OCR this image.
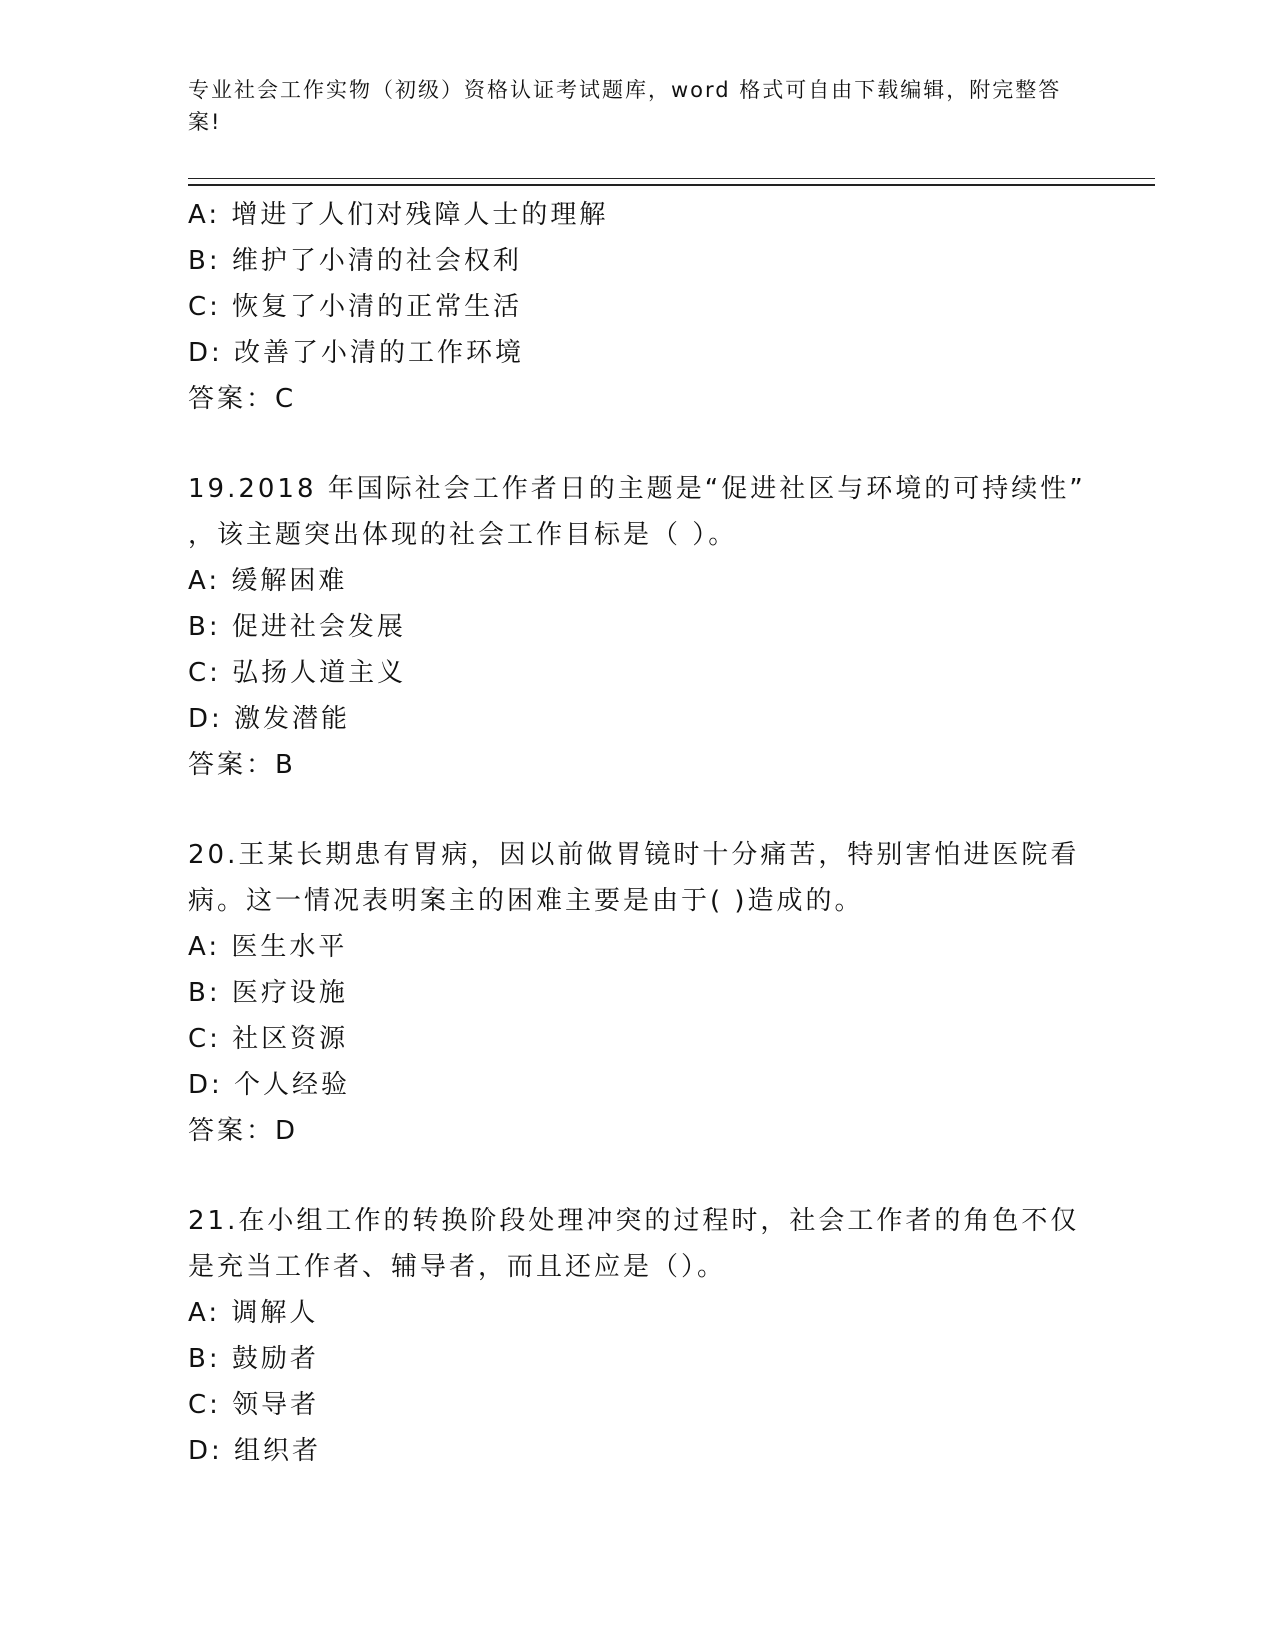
专业社会工作实物（初级）资格认证考试题库，word 格式可自由下载编辑，附完整答案!
A: 增进了人们对残障人士的理解
B: 维护了小清的社会权利
C: 恢复了小清的正常生活
D: 改善了小清的工作环境
答案：C
19.2018 年国际社会工作者日的主题是“促进社区与环境的可持续性”
，该主题突出体现的社会工作目标是（ ）。
A: 缓解困难
B: 促进社会发展
C: 弘扬人道主义
D: 激发潜能
答案：B
20.王某长期患有胃病，因以前做胃镜时十分痛苦，特别害怕进医院看
病。这一情况表明案主的困难主要是由于( )造成的。
A: 医生水平
B: 医疗设施
C: 社区资源
D: 个人经验
答案：D
21.在小组工作的转换阶段处理冲突的过程时，社会工作者的角色不仅
是充当工作者、辅导者，而且还应是（）。
A: 调解人
B: 鼓励者
C: 领导者
D: 组织者
